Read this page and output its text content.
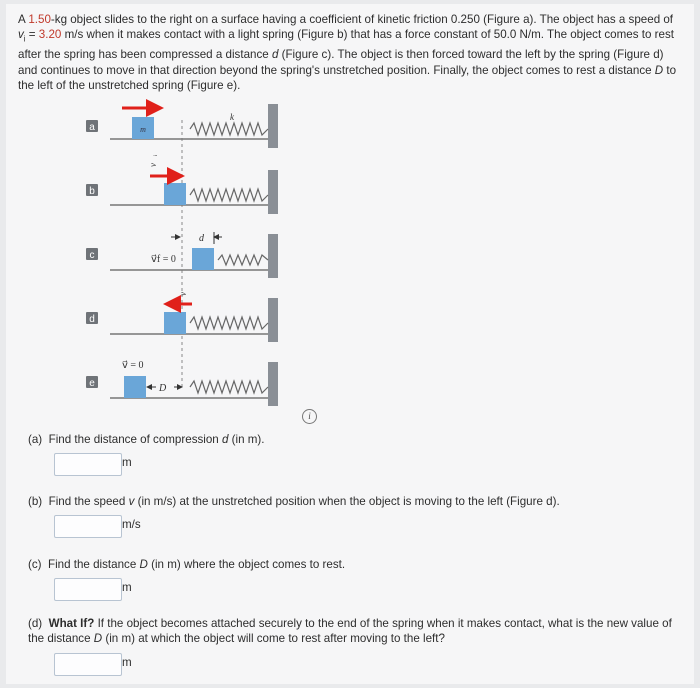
A 1.50-kg object slides to the right on a surface having a coefficient of kinetic friction 0.250 (Figure a). The object has a speed of $v_i = 3.20$ m/s when it makes contact with a light spring (Figure b) that has a force constant of 50.0 N/m. The object comes to rest after the spring has been compressed a distance d (Figure c). The object is then forced toward the left by the spring (Figure d) and continues to move in that direction beyond the spring's unstretched position. Finally, the object comes to rest a distance D to the left of the unstretched spring (Figure e).
a
b
c
d
e
m
k
v⃗ᵢ
v⃗f = 0
d
v⃗
v⃗ = 0
D
i
(a) Find the distance of compression d (in m).
m
(b) Find the speed v (in m/s) at the unstretched position when the object is moving to the left (Figure d).
m/s
(c) Find the distance D (in m) where the object comes to rest.
m
(d) What If? If the object becomes attached securely to the end of the spring when it makes contact, what is the new value of the distance D (in m) at which the object will come to rest after moving to the left?
m
